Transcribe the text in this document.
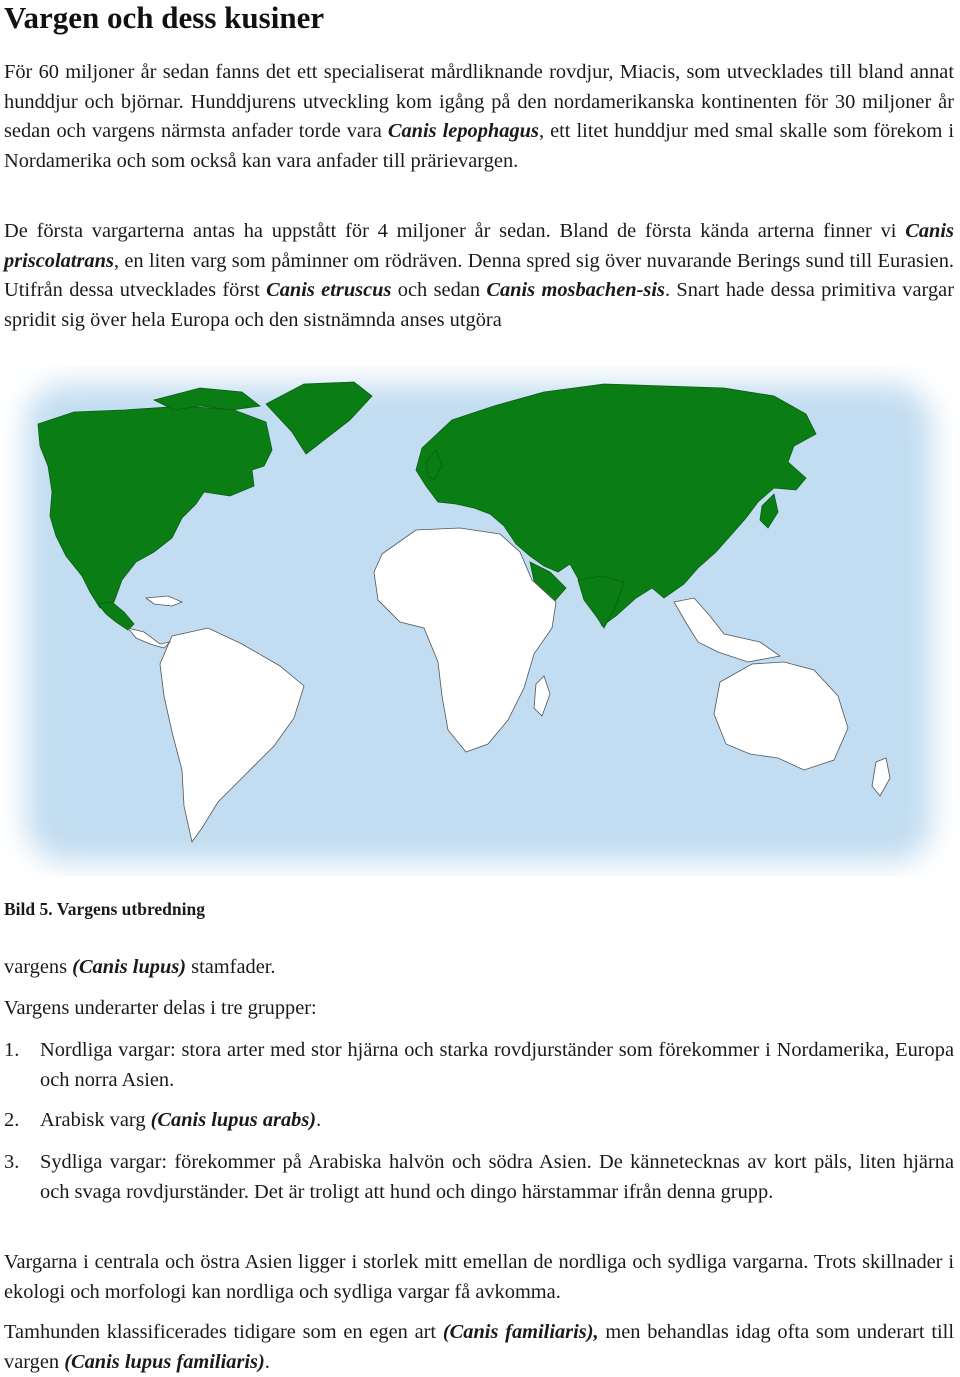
Vargen och dess kusiner

För 60 miljoner år sedan fanns det ett specialiserat mårdliknande rovdjur, Miacis, som utvecklades till bland annat hunddjur och björnar. Hunddjurens utveckling kom igång på den nordamerikanska kontinenten för 30 miljoner år sedan och vargens närmsta anfader torde vara Canis lepophagus, ett litet hunddjur med smal skalle som förekom i Nordamerika och som också kan vara anfader till prärievargen.

De första vargarterna antas ha uppstått för 4 miljoner år sedan. Bland de första kända arterna finner vi Canis priscolatrans, en liten varg som påminner om rödräven. Denna spred sig över nuvarande Berings sund till Eurasien. Utifrån dessa utvecklades först Canis etruscus och sedan Canis mosbachen-sis. Snart hade dessa primitiva vargar spridit sig över hela Europa och den sistnämnda anses utgöra

Bild 5. Vargens utbredning

vargens (Canis lupus) stamfader.

Vargens underarter delas i tre grupper:

1. Nordliga vargar: stora arter med stor hjärna och starka rovdjurständer som förekommer i Nordamerika, Europa och norra Asien.
2. Arabisk varg (Canis lupus arabs).
3. Sydliga vargar: förekommer på Arabiska halvön och södra Asien. De kännetecknas av kort päls, liten hjärna och svaga rovdjurständer. Det är troligt att hund och dingo härstammar ifrån denna grupp.

Vargarna i centrala och östra Asien ligger i storlek mitt emellan de nordliga och sydliga vargarna. Trots skillnader i ekologi och morfologi kan nordliga och sydliga vargar få avkomma.

Tamhunden klassificerades tidigare som en egen art (Canis familiaris), men behandlas idag ofta som underart till vargen (Canis lupus familiaris).
